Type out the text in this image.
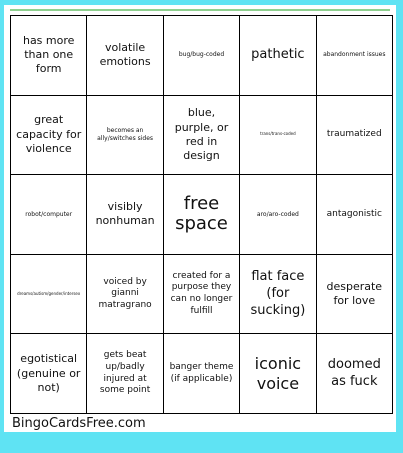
has more than one form
volatile emotions
bug/bug-coded	pathetic	abandonment issues
great capacity for violence
becomes an ally/switches sides
blue, purple, or red in design
trans/trans-coded	traumatized
robot/computer
visibly nonhuman
free space	aro/aro-coded	antagonistic
dreams/autism/gender/intersex
voiced by gianni matragrano
created for a purpose they can no longer fulfill
flat face (for sucking)
desperate for love
egotistical (genuine or not)
gets beat up/badly injured at some point
banger theme (if applicable)
iconic voice
doomed as fuck
BingoCardsFree.com
